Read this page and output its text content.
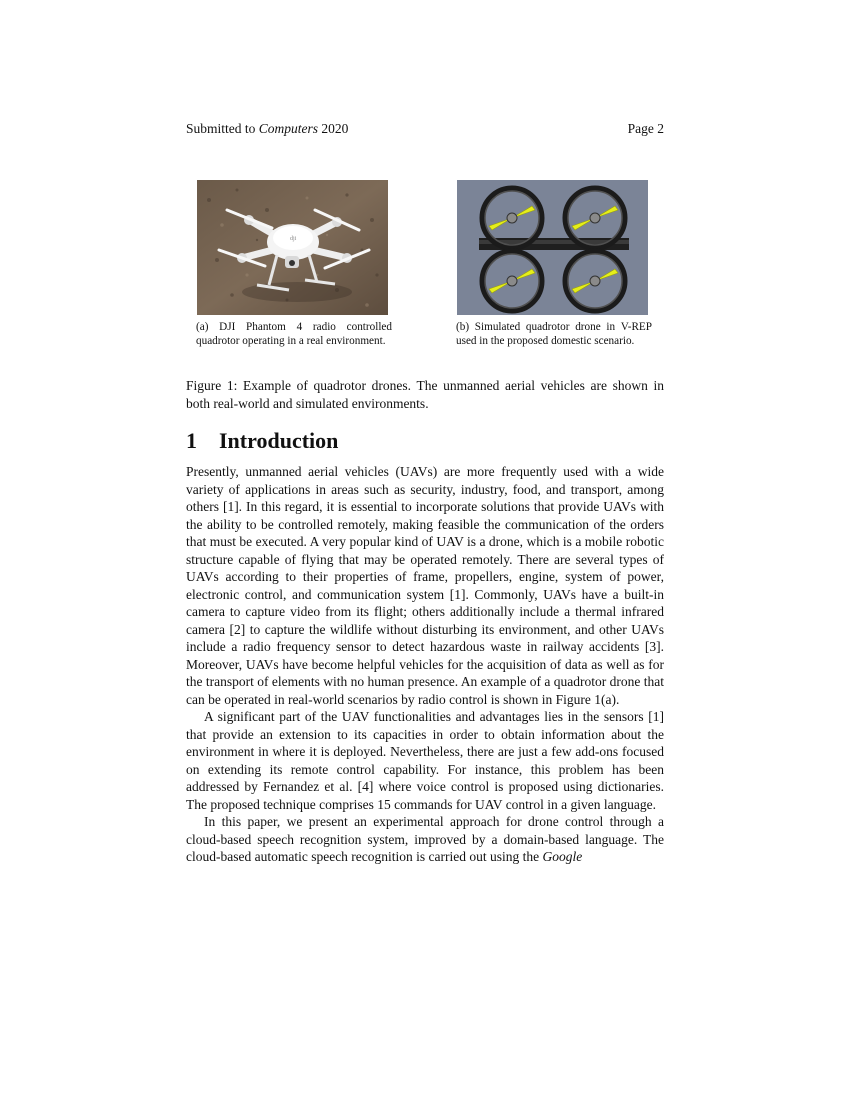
Submitted to Computers 2020	Page 2
dji
(a) DJI Phantom 4 radio controlled quadrotor operating in a real environment.
(b) Simulated quadrotor drone in V-REP used in the proposed domestic scenario.
Figure 1: Example of quadrotor drones. The unmanned aerial vehicles are shown in both real-world and simulated environments.
1 Introduction

Presently, unmanned aerial vehicles (UAVs) are more frequently used with a wide variety of applications in areas such as security, industry, food, and transport, among others [1]. In this regard, it is essential to incorporate solutions that provide UAVs with the ability to be controlled remotely, making feasible the communication of the orders that must be executed. A very popular kind of UAV is a drone, which is a mobile robotic structure capable of flying that may be operated remotely. There are several types of UAVs according to their properties of frame, propellers, engine, system of power, electronic control, and communication system [1]. Commonly, UAVs have a built-in camera to capture video from its flight; others additionally include a thermal infrared camera [2] to capture the wildlife without disturbing its environment, and other UAVs include a radio frequency sensor to detect hazardous waste in railway accidents [3]. Moreover, UAVs have become helpful vehicles for the acquisition of data as well as for the transport of elements with no human presence. An example of a quadrotor drone that can be operated in real-world scenarios by radio control is shown in Figure 1(a).

A significant part of the UAV functionalities and advantages lies in the sensors [1] that provide an extension to its capacities in order to obtain information about the environment in where it is deployed. Nevertheless, there are just a few add-ons focused on extending its remote control capability. For instance, this problem has been addressed by Fernandez et al. [4] where voice control is proposed using dictionaries. The proposed technique comprises 15 commands for UAV control in a given language.

In this paper, we present an experimental approach for drone control through a cloud-based speech recognition system, improved by a domain-based language. The cloud-based automatic speech recognition is carried out using the Google
